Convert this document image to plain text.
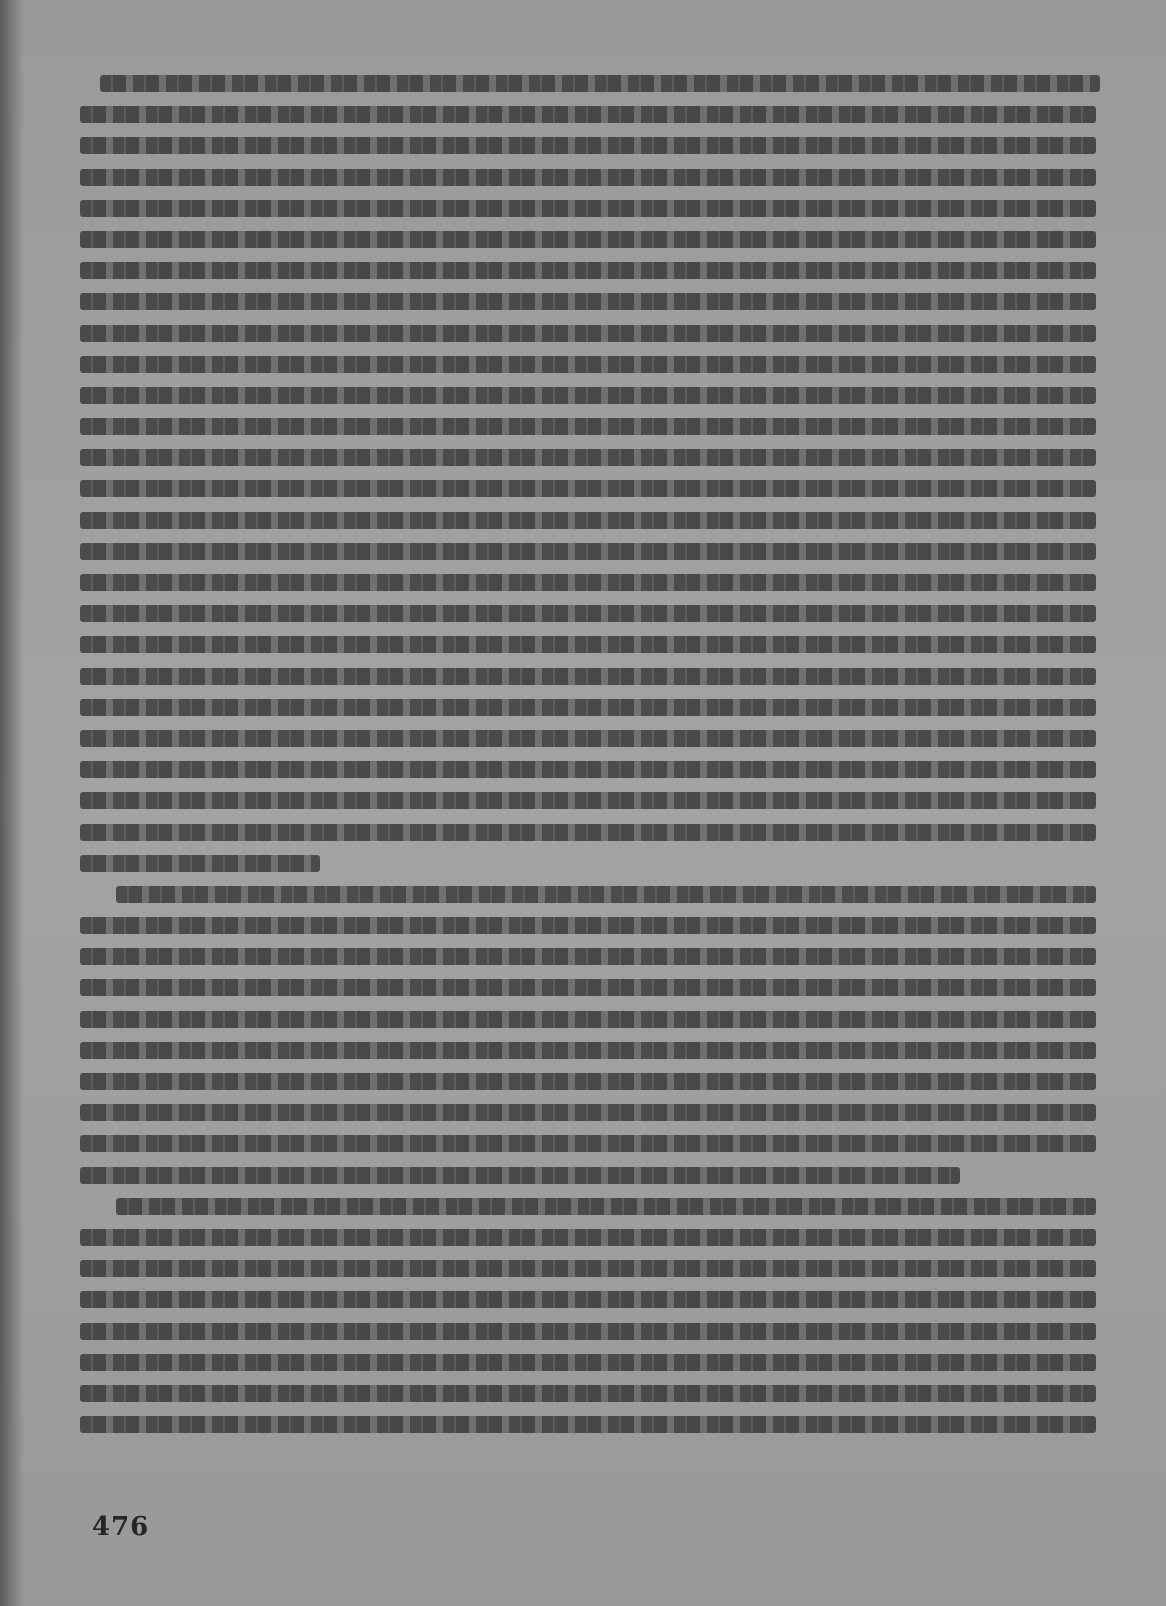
476
